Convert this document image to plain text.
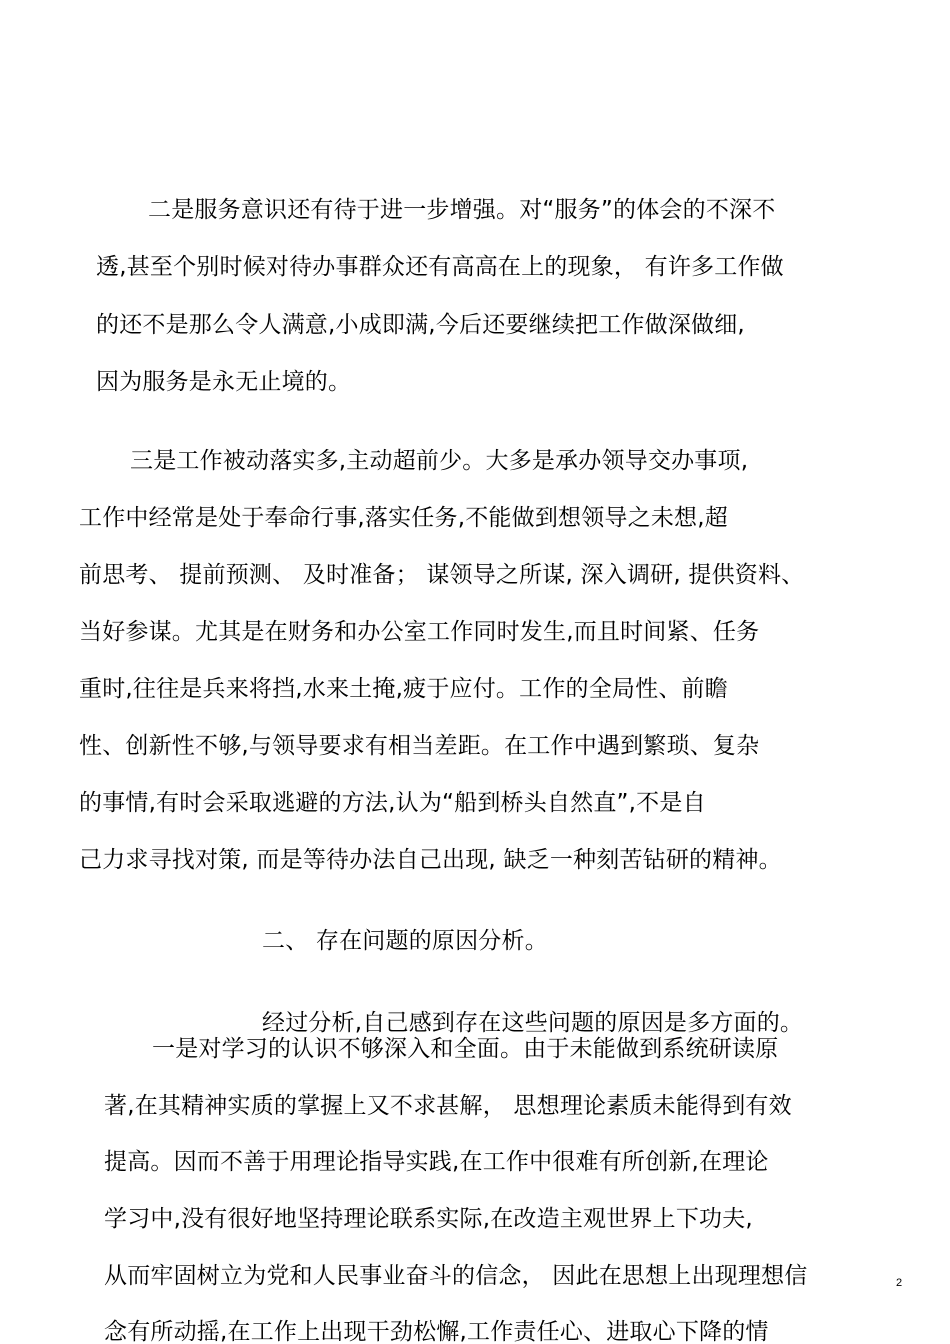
二是服务意识还有待于进一步增强。对“服务”的体会的不深不
透,甚至个别时候对待办事群众还有高高在上的现象， 有许多工作做
的还不是那么令人满意,小成即满,今后还要继续把工作做深做细,
因为服务是永无止境的。
三是工作被动落实多,主动超前少。大多是承办领导交办事项,
工作中经常是处于奉命行事,落实任务,不能做到想领导之未想,超
前思考、 提前预测、 及时准备； 谋领导之所谋, 深入调研, 提供资料、
当好参谋。尤其是在财务和办公室工作同时发生,而且时间紧、任务
重时,往往是兵来将挡,水来土掩,疲于应付。工作的全局性、前瞻
性、创新性不够,与领导要求有相当差距。在工作中遇到繁琐、复杂
的事情,有时会采取逃避的方法,认为“船到桥头自然直”,不是自
己力求寻找对策, 而是等待办法自己出现, 缺乏一种刻苦钻研的精神。
二、 存在问题的原因分析。
经过分析,自己感到存在这些问题的原因是多方面的。
一是对学习的认识不够深入和全面。由于未能做到系统研读原
著,在其精神实质的掌握上又不求甚解， 思想理论素质未能得到有效
提高。因而不善于用理论指导实践,在工作中很难有所创新,在理论
学习中,没有很好地坚持理论联系实际,在改造主观世界上下功夫,
从而牢固树立为党和人民事业奋斗的信念， 因此在思想上出现理想信
念有所动摇,在工作上出现干劲松懈,工作责任心、进取心下降的情
2
